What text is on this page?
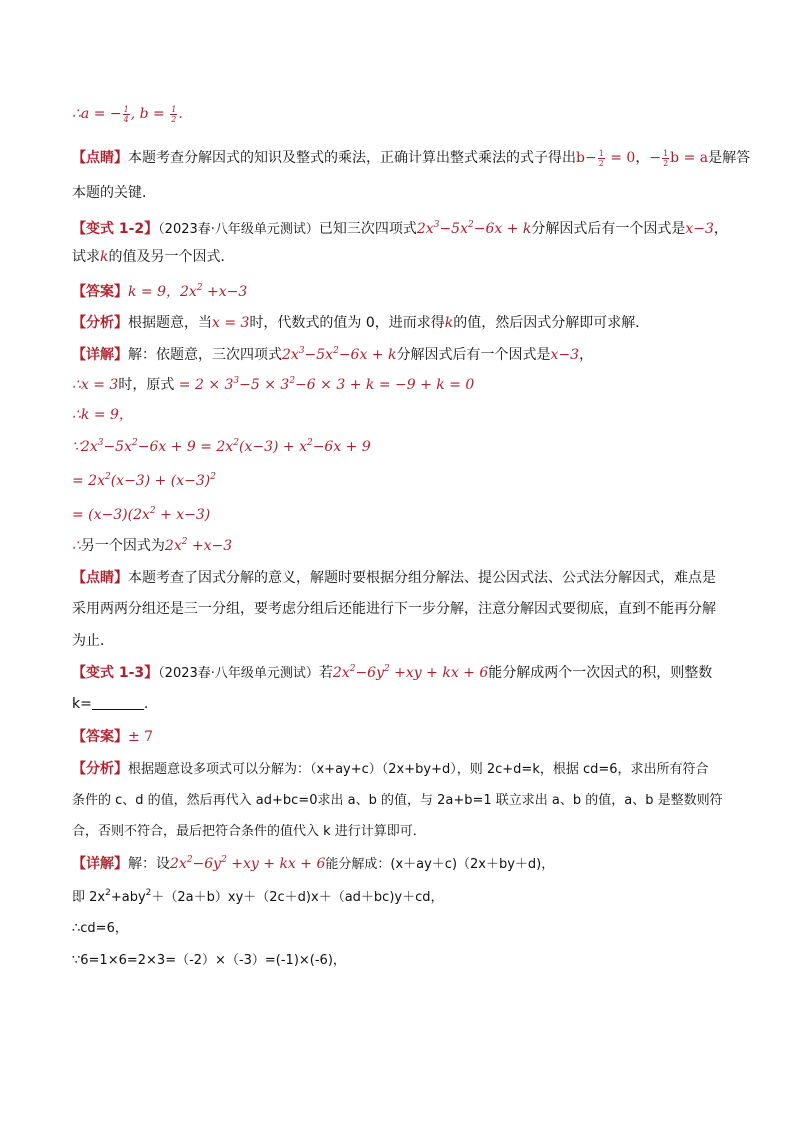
∴a = − $\frac{1}{4}$ , $b = \frac{1}{2}$ .
【点睛】本题考查分解因式的知识及整式的乘法，正确计算出整式乘法的式子得出$b- \frac{1}{2} = 0$，− $\frac{1}{2}$ b = a是解答
本题的关键．
【变式 1-2】（2023春·八年级单元测试）已知三次四项式$2x^3-5x^2-6x + k$分解因式后有一个因式是x−3，
试求k的值及另一个因式．
【答案】k = 9，$2x^2 +x-3$
【分析】根据题意，当x = 3时，代数式的值为 0，进而求得k的值，然后因式分解即可求解．
【详解】解：依题意，三次四项式$2x^3-5x^2-6x + k$分解因式后有一个因式是x−3，
∴x = 3时，原式 = $2 \times 3^3-5 \times 3^2-6 \times 3 + k = -9 + k = 0$
∴k = 9，
$\because 2x^3-5x^2-6x + 9 = 2x^2(x-3) + x^2-6x + 9$
= $2x^2(x-3) + (x-3)^2$
= $(x-3)(2x^2 + x-3)$
∴另一个因式为$2x^2 +x-3$
【点睛】本题考查了因式分解的意义，解题时要根据分组分解法、提公因式法、公式法分解因式，难点是
采用两两分组还是三一分组，要考虑分组后还能进行下一步分解，注意分解因式要彻底，直到不能再分解
为止．
【变式 1-3】（2023春·八年级单元测试）若$2x^2-6y^2 +xy$ + kx + 6能分解成两个一次因式的积，则整数
k=	.
【答案】± 7
【分析】根据题意设多项式可以分解为：（x+ay+c）（2x+by+d），则 2c+d=k，根据 cd=6，求出所有符合
条件的 c、d 的值，然后再代入 ad+bc=0求出 a、b 的值，与 2a+b=1 联立求出 a、b 的值，a、b 是整数则符
合，否则不符合，最后把符合条件的值代入 k 进行计算即可．
【详解】解：设$2x^2-6y^2 +xy$ + kx + 6能分解成：(x＋ay＋c)（2x＋by＋d)，
即 $2x^2+aby^2+(2a+b)xy+(2c+d)x+(ad+bc)y+cd$，
∴cd=6，
∵6=1×6=2×3=（-2）×（-3）=(-1)×(-6)，
